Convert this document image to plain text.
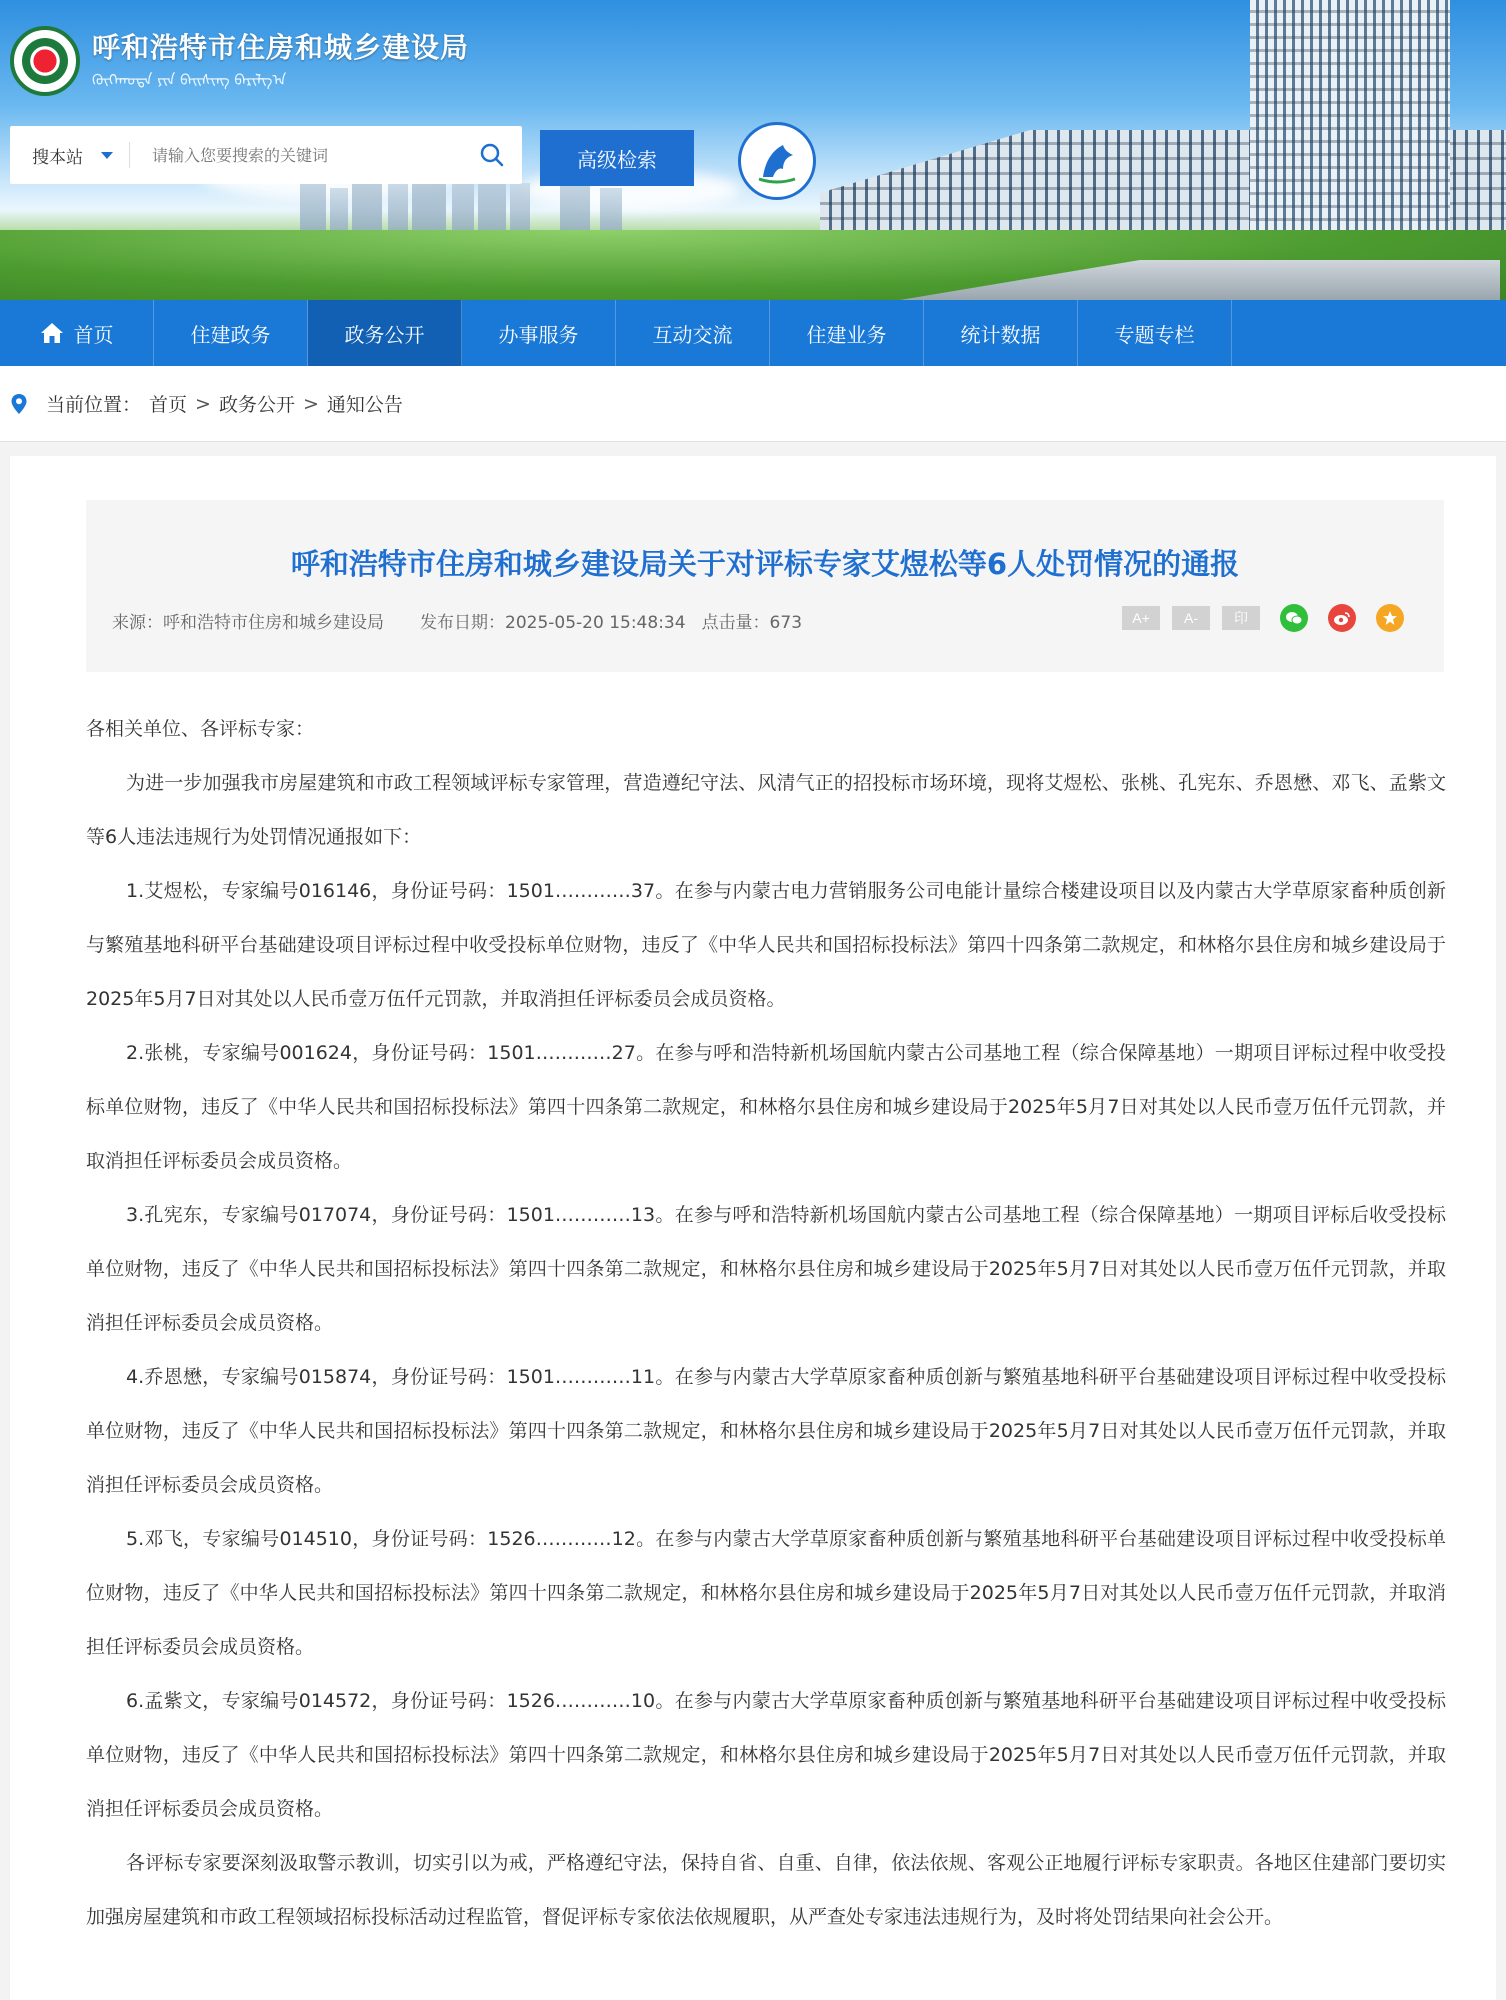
呼和浩特市住房和城乡建设局
ᠬᠥᠬᠡᠬᠣᠲᠠ ᠶᠢᠨ ᠪᠠᠢᠰᠢᠩ ᠪᠠᠷᠢᠯᠭ᠎ᠠ
搜本站
请输入您要搜索的关键词	高级检索
首页	住建政务	政务公开	办事服务	互动交流	住建业务	统计数据	专题专栏
当前位置： 首页 > 政务公开 > 通知公告
呼和浩特市住房和城乡建设局关于对评标专家艾煜松等6人处罚情况的通报
来源：呼和浩特市住房和城乡建设局 发布日期：2025-05-20 15:48:34 点击量：673	A+	A-	印

各相关单位、各评标专家：

为进一步加强我市房屋建筑和市政工程领域评标专家管理，营造遵纪守法、风清气正的招投标市场环境，现将艾煜松、张桃、孔宪东、乔恩懋、邓飞、孟紫文等6人违法违规行为处罚情况通报如下：

1.艾煜松，专家编号016146，身份证号码：1501…………37。在参与内蒙古电力营销服务公司电能计量综合楼建设项目以及内蒙古大学草原家畜种质创新与繁殖基地科研平台基础建设项目评标过程中收受投标单位财物，违反了《中华人民共和国招标投标法》第四十四条第二款规定，和林格尔县住房和城乡建设局于2025年5月7日对其处以人民币壹万伍仟元罚款，并取消担任评标委员会成员资格。

2.张桃，专家编号001624，身份证号码：1501…………27。在参与呼和浩特新机场国航内蒙古公司基地工程（综合保障基地）一期项目评标过程中收受投标单位财物，违反了《中华人民共和国招标投标法》第四十四条第二款规定，和林格尔县住房和城乡建设局于2025年5月7日对其处以人民币壹万伍仟元罚款，并取消担任评标委员会成员资格。

3.孔宪东，专家编号017074，身份证号码：1501…………13。在参与呼和浩特新机场国航内蒙古公司基地工程（综合保障基地）一期项目评标后收受投标单位财物，违反了《中华人民共和国招标投标法》第四十四条第二款规定，和林格尔县住房和城乡建设局于2025年5月7日对其处以人民币壹万伍仟元罚款，并取消担任评标委员会成员资格。

4.乔恩懋，专家编号015874，身份证号码：1501…………11。在参与内蒙古大学草原家畜种质创新与繁殖基地科研平台基础建设项目评标过程中收受投标单位财物，违反了《中华人民共和国招标投标法》第四十四条第二款规定，和林格尔县住房和城乡建设局于2025年5月7日对其处以人民币壹万伍仟元罚款，并取消担任评标委员会成员资格。

5.邓飞，专家编号014510，身份证号码：1526…………12。在参与内蒙古大学草原家畜种质创新与繁殖基地科研平台基础建设项目评标过程中收受投标单位财物，违反了《中华人民共和国招标投标法》第四十四条第二款规定，和林格尔县住房和城乡建设局于2025年5月7日对其处以人民币壹万伍仟元罚款，并取消担任评标委员会成员资格。

6.孟紫文，专家编号014572，身份证号码：1526…………10。在参与内蒙古大学草原家畜种质创新与繁殖基地科研平台基础建设项目评标过程中收受投标单位财物，违反了《中华人民共和国招标投标法》第四十四条第二款规定，和林格尔县住房和城乡建设局于2025年5月7日对其处以人民币壹万伍仟元罚款，并取消担任评标委员会成员资格。

各评标专家要深刻汲取警示教训，切实引以为戒，严格遵纪守法，保持自省、自重、自律，依法依规、客观公正地履行评标专家职责。各地区住建部门要切实加强房屋建筑和市政工程领域招标投标活动过程监管，督促评标专家依法依规履职，从严查处专家违法违规行为，及时将处罚结果向社会公开。
